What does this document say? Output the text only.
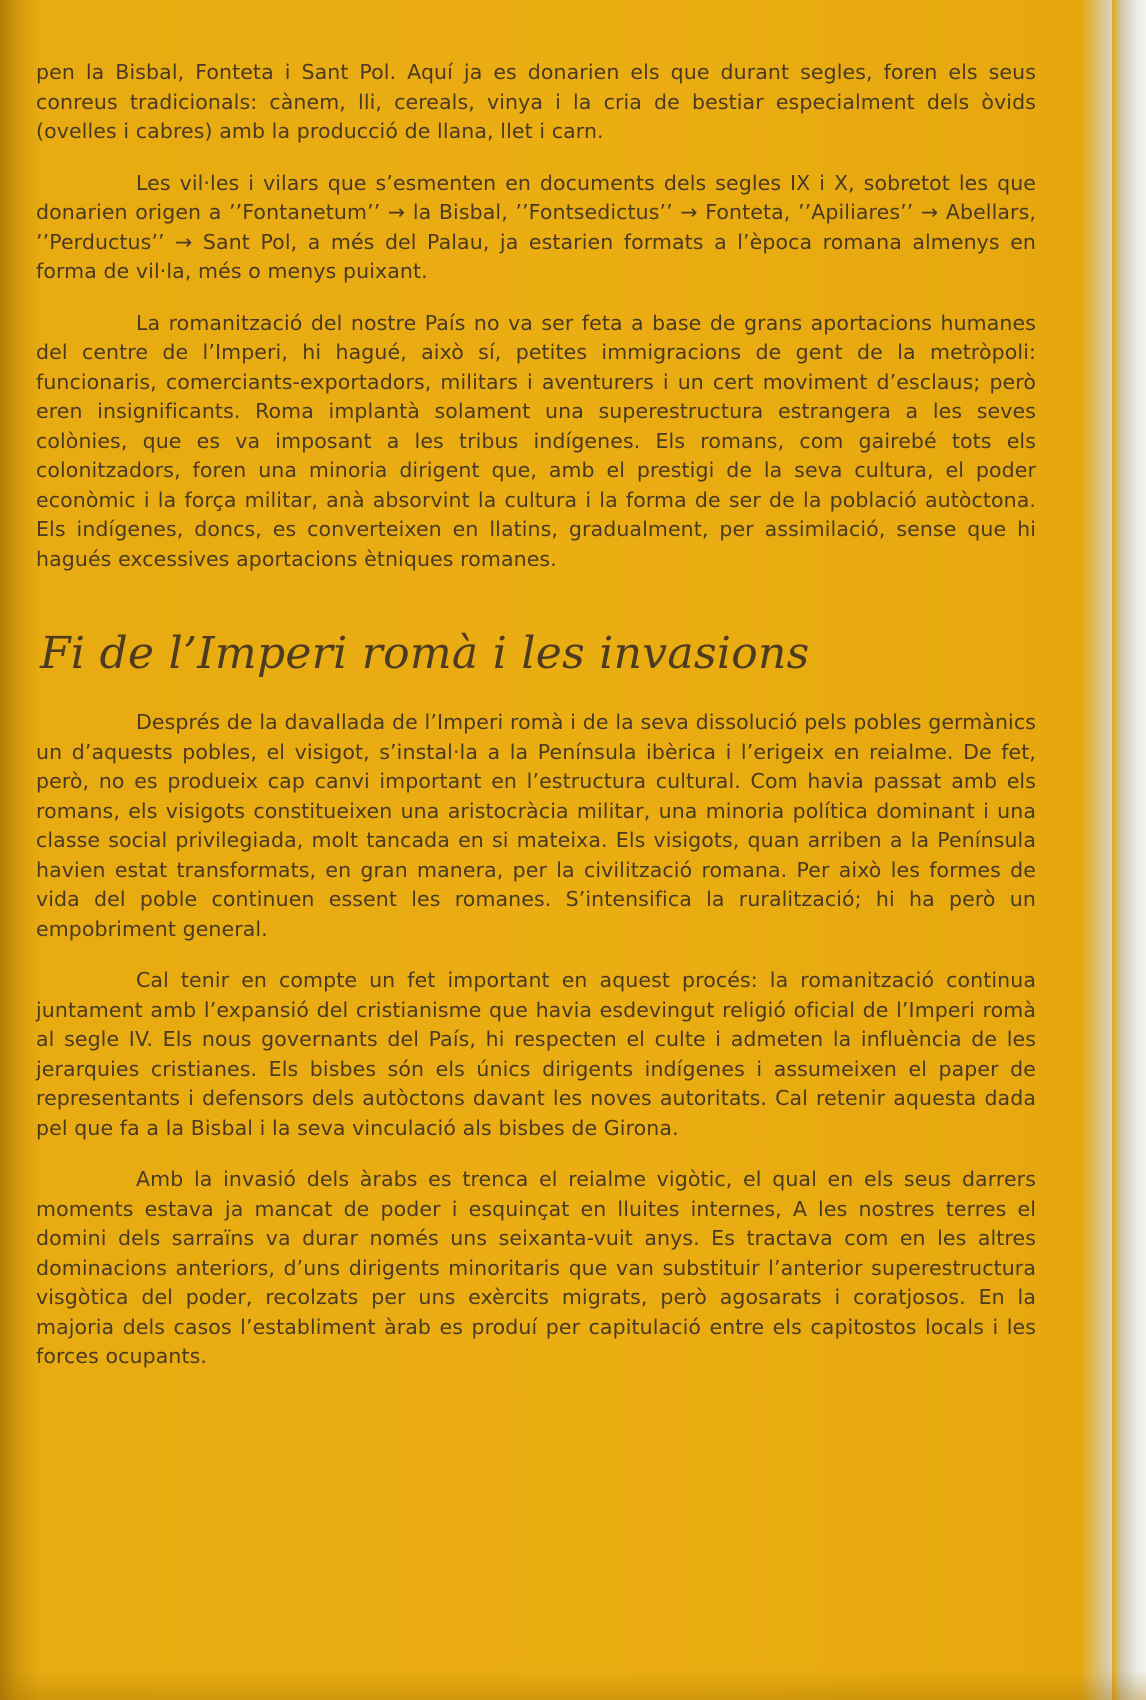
pen la Bisbal, Fonteta i Sant Pol. Aquí ja es donarien els que durant segles, foren els seus conreus tradicionals: cànem, lli, cereals, vinya i la cria de bestiar especialment dels òvids (ovelles i cabres) amb la producció de llana, llet i carn.

Les vil·les i vilars que s’esmenten en documents dels segles IX i X, sobretot les que donarien origen a ’’Fontanetum’’ → la Bisbal, ’’Fontsedictus’’ → Fonteta, ’’Apiliares’’ → Abellars, ’’Perductus’’ → Sant Pol, a més del Palau, ja estarien formats a l’època romana almenys en forma de vil·la, més o menys puixant.

La romanització del nostre País no va ser feta a base de grans aportacions humanes del centre de l’Imperi, hi hagué, això sí, petites immigracions de gent de la metròpoli: funcionaris, comerciants-exportadors, militars i aventurers i un cert moviment d’esclaus; però eren insignificants. Roma implantà solament una superestructura estrangera a les seves colònies, que es va imposant a les tribus indígenes. Els romans, com gairebé tots els colonitzadors, foren una minoria dirigent que, amb el prestigi de la seva cultura, el poder econòmic i la força militar, anà absorvint la cultura i la forma de ser de la població autòctona. Els indígenes, doncs, es converteixen en llatins, gradualment, per assimilació, sense que hi hagués excessives aportacions ètniques romanes.

Fi de l’Imperi romà i les invasions

Després de la davallada de l’Imperi romà i de la seva dissolució pels pobles germànics un d’aquests pobles, el visigot, s’instal·la a la Península ibèrica i l’erigeix en reialme. De fet, però, no es produeix cap canvi important en l’estructura cultural. Com havia passat amb els romans, els visigots constitueixen una aristocràcia militar, una minoria política dominant i una classe social privilegiada, molt tancada en si mateixa. Els visigots, quan arriben a la Península havien estat transformats, en gran manera, per la civilització romana. Per això les formes de vida del poble continuen essent les romanes. S’intensifica la ruralització; hi ha però un empobriment general.

Cal tenir en compte un fet important en aquest procés: la romanització continua juntament amb l’expansió del cristianisme que havia esdevingut religió oficial de l’Imperi romà al segle IV. Els nous governants del País, hi respecten el culte i admeten la influència de les jerarquies cristianes. Els bisbes són els únics dirigents indígenes i assumeixen el paper de representants i defensors dels autòctons davant les noves autoritats. Cal retenir aquesta dada pel que fa a la Bisbal i la seva vinculació als bisbes de Girona.

Amb la invasió dels àrabs es trenca el reialme vigòtic, el qual en els seus darrers moments estava ja mancat de poder i esquinçat en lluites internes, A les nostres terres el domini dels sarraïns va durar només uns seixanta-vuit anys. Es tractava com en les altres dominacions anteriors, d’uns dirigents minoritaris que van substituir l’anterior superestructura visgòtica del poder, recolzats per uns exèrcits migrats, però agosarats i coratjosos. En la majoria dels casos l’establiment àrab es produí per capitulació entre els capitostos locals i les forces ocupants.
